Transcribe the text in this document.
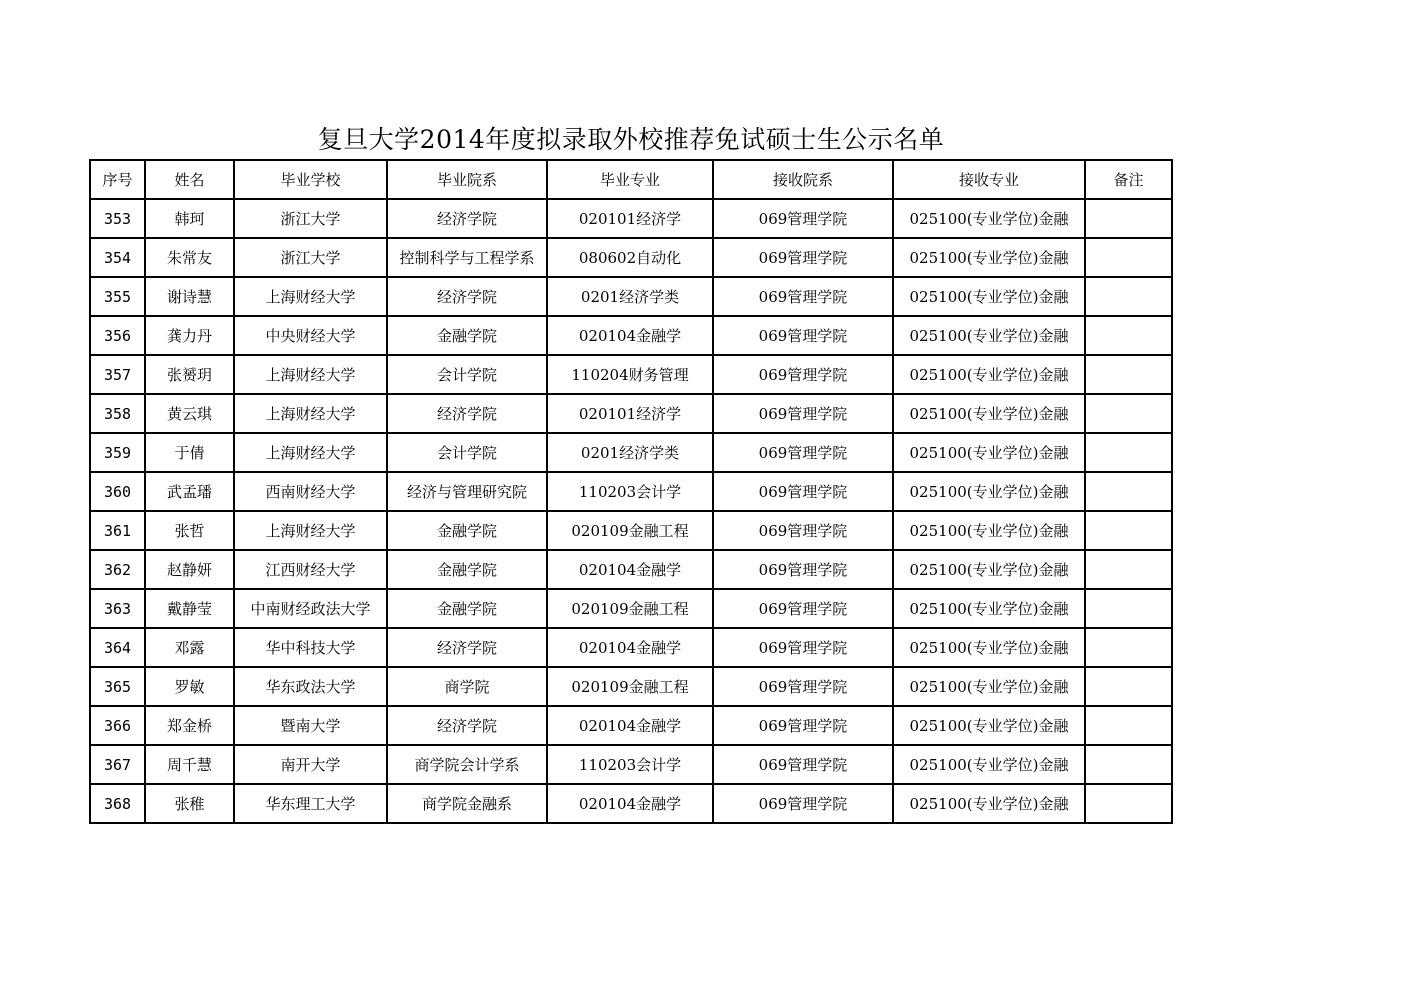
复旦大学2014年度拟录取外校推荐免试硕士生公示名单
序号	姓名	毕业学校	毕业院系	毕业专业	接收院系	接收专业	备注
353	韩珂	浙江大学	经济学院	020101经济学	069管理学院	025100(专业学位)金融	
354	朱常友	浙江大学	控制科学与工程学系	080602自动化	069管理学院	025100(专业学位)金融	
355	谢诗慧	上海财经大学	经济学院	0201经济学类	069管理学院	025100(专业学位)金融	
356	龚力丹	中央财经大学	金融学院	020104金融学	069管理学院	025100(专业学位)金融	
357	张赟玥	上海财经大学	会计学院	110204财务管理	069管理学院	025100(专业学位)金融	
358	黄云琪	上海财经大学	经济学院	020101经济学	069管理学院	025100(专业学位)金融	
359	于倩	上海财经大学	会计学院	0201经济学类	069管理学院	025100(专业学位)金融	
360	武孟璠	西南财经大学	经济与管理研究院	110203会计学	069管理学院	025100(专业学位)金融	
361	张哲	上海财经大学	金融学院	020109金融工程	069管理学院	025100(专业学位)金融	
362	赵静妍	江西财经大学	金融学院	020104金融学	069管理学院	025100(专业学位)金融	
363	戴静莹	中南财经政法大学	金融学院	020109金融工程	069管理学院	025100(专业学位)金融	
364	邓露	华中科技大学	经济学院	020104金融学	069管理学院	025100(专业学位)金融	
365	罗敏	华东政法大学	商学院	020109金融工程	069管理学院	025100(专业学位)金融	
366	郑金桥	暨南大学	经济学院	020104金融学	069管理学院	025100(专业学位)金融	
367	周千慧	南开大学	商学院会计学系	110203会计学	069管理学院	025100(专业学位)金融	
368	张稚	华东理工大学	商学院金融系	020104金融学	069管理学院	025100(专业学位)金融	
